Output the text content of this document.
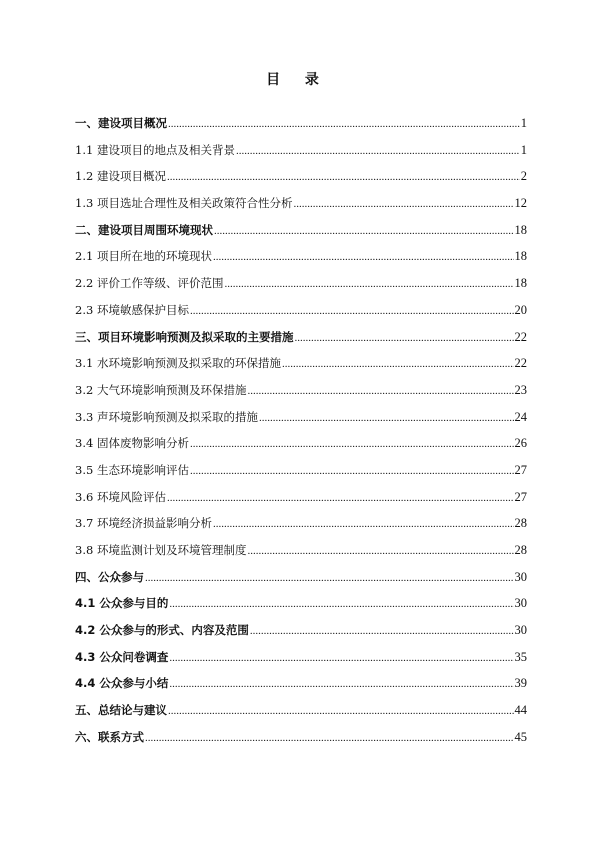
目 录
一、建设项目概况 .....	1
1.1 建设项目的地点及相关背景 .....	1
1.2 建设项目概况 .....	2
1.3 项目选址合理性及相关政策符合性分析 .....	12
二、建设项目周围环境现状 .....	18
2.1 项目所在地的环境现状 .....	18
2.2 评价工作等级、评价范围 .....	18
2.3 环境敏感保护目标 .....	20
三、项目环境影响预测及拟采取的主要措施 .....	22
3.1 水环境影响预测及拟采取的环保措施 .....	22
3.2 大气环境影响预测及环保措施 .....	23
3.3 声环境影响预测及拟采取的措施 .....	24
3.4 固体废物影响分析 .....	26
3.5 生态环境影响评估 .....	27
3.6 环境风险评估 .....	27
3.7 环境经济损益影响分析 .....	28
3.8 环境监测计划及环境管理制度 .....	28
四、公众参与 .....	30
4.1 公众参与目的 .....	30
4.2 公众参与的形式、内容及范围 .....	30
4.3 公众问卷调查 .....	35
4.4 公众参与小结 .....	39
五、总结论与建议 .....	44
六、联系方式 .....	45
